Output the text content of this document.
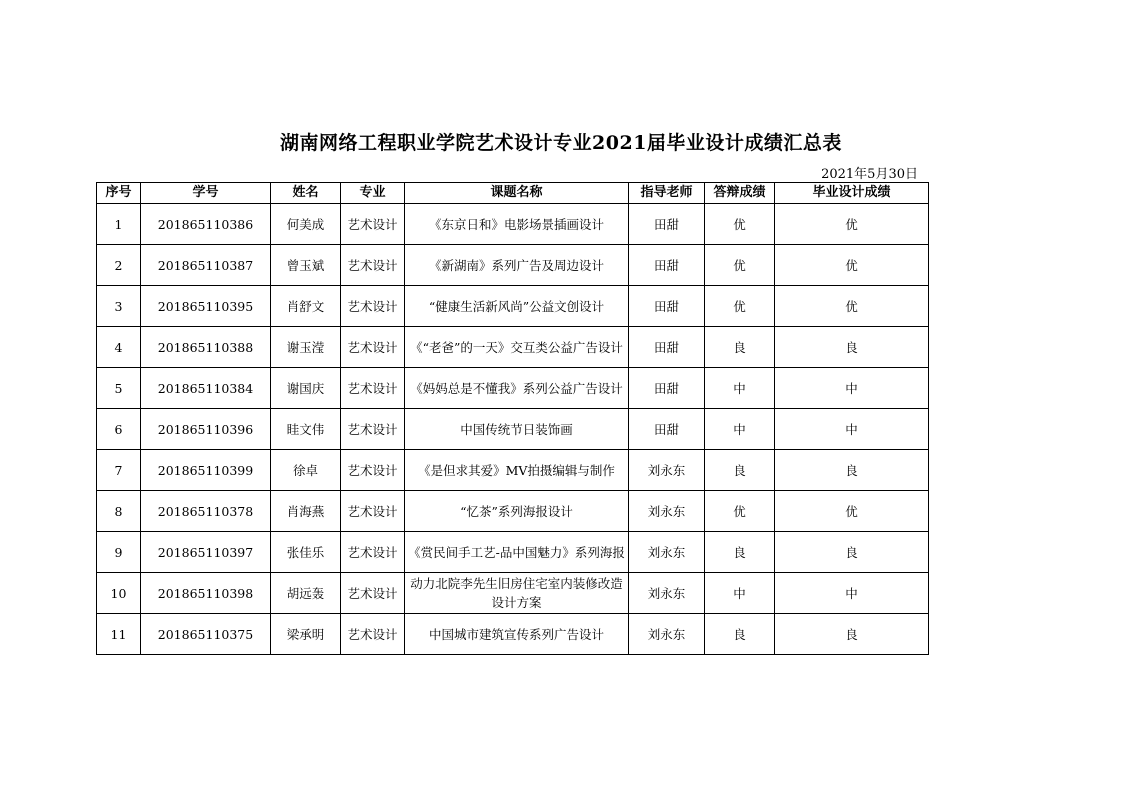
湖南网络工程职业学院艺术设计专业2021届毕业设计成绩汇总表
2021年5月30日
序号	学号	姓名	专业	课题名称	指导老师	答辩成绩	毕业设计成绩
1	201865110386	何美成	艺术设计	《东京日和》电影场景插画设计	田甜	优	优
2	201865110387	曾玉斌	艺术设计	《新湖南》系列广告及周边设计	田甜	优	优
3	201865110395	肖舒文	艺术设计	“健康生活新风尚”公益文创设计	田甜	优	优
4	201865110388	谢玉滢	艺术设计	《“老爸”的一天》交互类公益广告设计	田甜	良	良
5	201865110384	谢国庆	艺术设计	《妈妈总是不懂我》系列公益广告设计	田甜	中	中
6	201865110396	眭文伟	艺术设计	中国传统节日装饰画	田甜	中	中
7	201865110399	徐卓	艺术设计	《是但求其爱》MV拍摄编辑与制作	刘永东	良	良
8	201865110378	肖海燕	艺术设计	“忆茶”系列海报设计	刘永东	优	优
9	201865110397	张佳乐	艺术设计	《赏民间手工艺-品中国魅力》系列海报	刘永东	良	良
10	201865110398	胡远轰	艺术设计	动力北院李先生旧房住宅室内装修改造设计方案	刘永东	中	中
11	201865110375	梁承明	艺术设计	中国城市建筑宣传系列广告设计	刘永东	良	良
